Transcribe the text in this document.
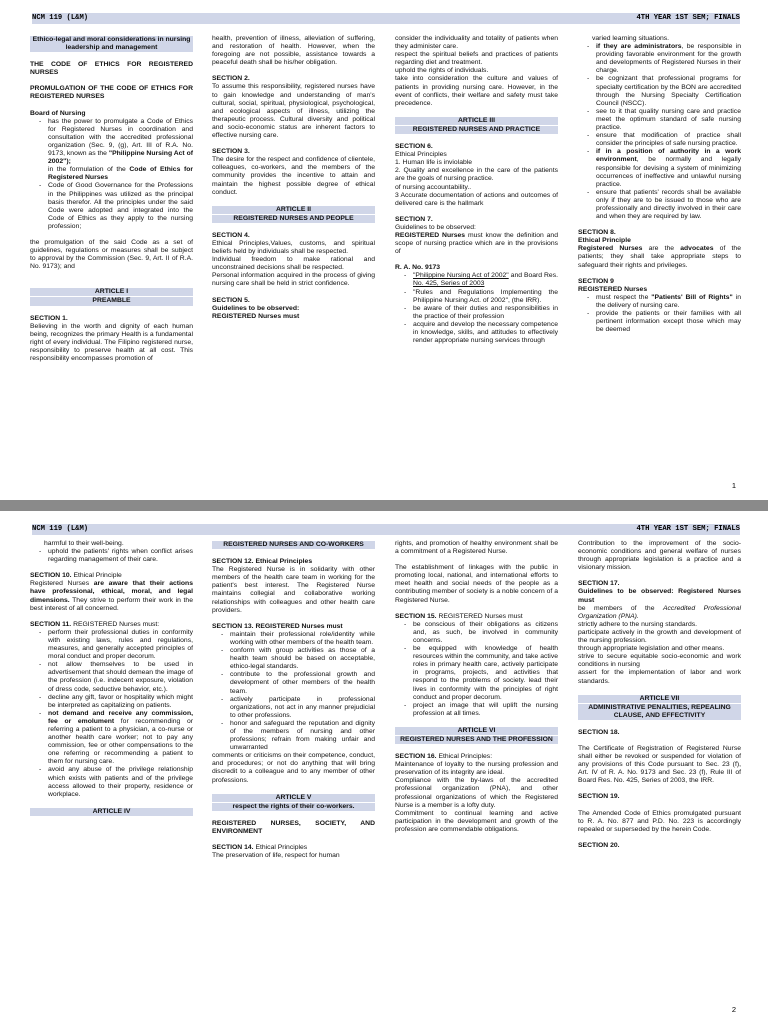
NCM 119 (L&M)	4TH YEAR 1ST SEM; FINALS
Ethico-legal and moral considerations in nursing leadership and management

THE CODE OF ETHICS FOR REGISTERED NURSES

PROMULGATION OF THE CODE OF ETHICS FOR REGISTERED NURSES

Board of Nursing

- has the power to promulgate a Code of Ethics for Registered Nurses in coordination and consultation with the accredited professional organization (Sec. 9, (g), Art. III of R.A. No. 9173, known as the "Philippine Nursing Act of 2002");
in the formulation of the Code of Ethics for Registered Nurses
- Code of Good Governance for the Professions in the Philippines was utilized as the principal basis therefor. All the principles under the said Code were adopted and integrated into the Code of Ethics as they apply to the nursing profession;

the promulgation of the said Code as a set of guidelines, regulations or measures shall be subject to approval by the Commission (Sec. 9, Art. II of R.A. No. 9173); and

ARTICLE I
PREAMBLE

SECTION 1.

Believing in the worth and dignity of each human being, recognizes the primary Health is a fundamental right of every individual. The Filipino registered nurse, responsibility to preserve health at all cost. This responsibility encompasses promotion of

health, prevention of illness, alleviation of suffering, and restoration of health. However, when the foregoing are not possible, assistance towards a peaceful death shall be his/her obligation.

SECTION 2.

To assume this responsibility, registered nurses have to gain knowledge and understanding of man's cultural, social, spiritual, physiological, psychological, and ecological aspects of illness, utilizing the therapeutic process. Cultural diversity and political and socio-economic status are inherent factors to effective nursing care.

SECTION 3.

The desire for the respect and confidence of clientele, colleagues, co-workers, and the members of the community provides the incentive to attain and maintain the highest possible degree of ethical conduct.

ARTICLE II
REGISTERED NURSES AND PEOPLE

SECTION 4.

Ethical Principles,Values, customs, and spiritual beliefs held by individuals shall be respected.

Individual freedom to make rational and unconstrained decisions shall be respected.

Personal information acquired in the process of giving nursing care shall be held in strict confidence.

SECTION 5.

Guidelines to be observed:

REGISTERED Nurses must

consider the individuality and totality of patients when they administer care.

respect the spiritual beliefs and practices of patients regarding diet and treatment.

uphold the rights of individuals.

take into consideration the culture and values of patients in providing nursing care. However, in the event of conflicts, their welfare and safety must take precedence.

ARTICLE III
REGISTERED NURSES AND PRACTICE

SECTION 6.

Ethical Principles

1. Human life is inviolable

2. Quality and excellence in the care of the patients are the goals of nursing practice.

of nursing accountability..

3 Accurate documentation of actions and outcomes of delivered care is the hallmark

SECTION 7.

Guidelines to be observed:

REGISTERED Nurses must know the definition and scope of nursing practice which are in the provisions of

R. A. No. 9173

- "Philippine Nursing Act of 2002" and Board Res. No. 425, Series of 2003
- "Rules and Regulations Implementing the Philippine Nursing Act. of 2002", (the IRR).
- be aware of their duties and responsibilities in the practice of their profession
- acquire and develop the necessary competence in knowledge, skills, and attitudes to effectively render appropriate nursing services through

varied learning situations.

- if they are administrators, be responsible in providing favorable environment for the growth and developments of Registered Nurses in their charge.
- be cognizant that professional programs for specialty certification by the BON are accredited through the Nursing Specialty Certification Council (NSCC).
- see to it that quality nursing care and practice meet the optimum standard of safe nursing practice.
- ensure that modification of practice shall consider the principles of safe nursing practice.
- if in a position of authority in a work environment, be normally and legally responsible for devising a system of minimizing occurrences of ineffective and unlawful nursing practice.
- ensure that patients' records shall be available only if they are to be issued to those who are professionally and directly involved in their care and when they are required by law.

SECTION 8.

Ethical Principle

Registered Nurses are the advocates of the patients; they shall take appropriate steps to safeguard their rights and privileges.

SECTION 9

REGISTERED Nurses

- must respect the "Patients' Bill of Rights" in the delivery of nursing care.
- provide the patients or their families with all pertinent information except those which may be deemed
1
NCM 119 (L&M)	4TH YEAR 1ST SEM; FINALS

harmful to their well-being.

- uphold the patients' rights when conflict arises regarding management of their care.

SECTION 10. Ethical Principle

Registered Nurses are aware that their actions have professional, ethical, moral, and legal dimensions. They strive to perform their work in the best interest of all concerned.

SECTION 11. REGISTERED Nurses must:

- perform their professional duties in conformity with existing laws, rules and regulations, measures, and generally accepted principles of moral conduct and proper decorum.
- not allow themselves to be used in advertisement that should demean the image of the profession (i.e. indecent exposure, violation of dress code, seductive behavior, etc.).
- decline any gift, favor or hospitality which might be interpreted as capitalizing on patients.
- not demand and receive any commission, fee or emolument for recommending or referring a patient to a physician, a co-nurse or another health care worker; not to pay any commission, fee or other compensations to the one referring or recommending a patient to them for nursing care.
- avoid any abuse of the privilege relationship which exists with patients and of the privilege access allowed to their property, residence or workplace.
ARTICLE IV
REGISTERED NURSES AND CO-WORKERS

SECTION 12. Ethical Principles

The Registered Nurse is in solidarity with other members of the health care team in working for the patient's best interest. The Registered Nurse maintains collegial and collaborative working relationships with colleagues and other health care providers.

SECTION 13. REGISTERED Nurses must

- maintain their professional role/identity while working with other members of the health team.
- conform with group activities as those of a health team should be based on acceptable, ethico-legal standards.
- contribute to the professional growth and development of other members of the health team.
- actively participate in professional organizations, not act in any manner prejudicial to other professions.
- honor and safeguard the reputation and dignity of the members of nursing and other professions; refrain from making unfair and unwarranted

comments or criticisms on their competence, conduct, and procedures; or not do anything that will bring discredit to a colleague and to any member of other professions.

ARTICLE V
respect the rights of their co-workers.

REGISTERED NURSES, SOCIETY, AND ENVIRONMENT

SECTION 14. Ethical Principles

The preservation of life, respect for human

rights, and promotion of healthy environment shall be a commitment of a Registered Nurse.

The establishment of linkages with the public in promoting local, national, and international efforts to meet health and social needs of the people as a contributing member of society is a noble concern of a Registered Nurse.

SECTION 15. REGISTERED Nurses must

- be conscious of their obligations as citizens and, as such, be involved in community concerns.
- be equipped with knowledge of health resources within the community, and take active roles in primary health care, actively participate in programs, projects, and activities that respond to the problems of society. lead their lives in conformity with the principles of right conduct and proper decorum.
- project an image that will uplift the nursing profession at all times.
ARTICLE VI
REGISTERED NURSES AND THE PROFESSION

SECTION 16. Ethical Principles:

Maintenance of loyalty to the nursing profession and preservation of its integrity are ideal.

Compliance with the by-laws of the accredited professional organization (PNA), and other professional organizations of which the Registered Nurse is a member is a lofty duty.

Commitment to continual learning and active participation in the development and growth of the profession are commendable obligations.

Contribution to the improvement of the socio-economic conditions and general welfare of nurses through appropriate legislation is a practice and a visionary mission.

SECTION 17.

Guidelines to be observed: Registered Nurses must

be members of the Accredited Professional Organization (PNA).

strictly adhere to the nursing standards.

participate actively in the growth and development of the nursing profession.

through appropriate legislation and other means.

strive to secure equitable socio-economic and work conditions in nursing

assert for the implementation of labor and work standards.

ARTICLE VII
ADMINISTRATIVE PENALITIES, REPEALING CLAUSE, AND EFFECTIVITY

SECTION 18.

The Certificate of Registration of Registered Nurse shall either be revoked or suspended for violation of any provisions of this Code pursuant to Sec. 23 (f), Art. IV of R. A. No. 9173 and Sec. 23 (f), Rule III of Board Res. No. 425, Series of 2003, the IRR.

SECTION 19.

The Amended Code of Ethics promulgated pursuant to R. A. No. 877 and P.D. No. 223 is accordingly repealed or superseded by the herein Code.

SECTION 20.

2
